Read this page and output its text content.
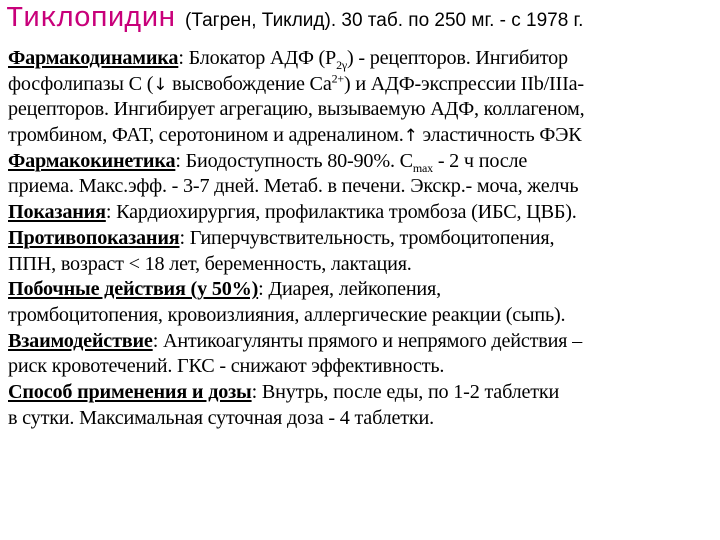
Тиклопидин (Тагрен, Тиклид). 30 таб. по 250 мг. - с 1978 г.
Фармакодинамика: Блокатор АДФ $(P_{2\gamma})$ - рецепторов. Ингибитор
фосфолипазы С (↓ высвобождение $Са^{2+}$) и АДФ-экспрессии IIb/IIIa-
рецепторов. Ингибирует агрегацию, вызываемую АДФ, коллагеном,
тромбином, ФАТ, серотонином и адреналином.↑ эластичность ФЭК
Фармакокинетика: Биодоступность 80-90%. $C_{max} - 2$ ч после
приема. Макс.эфф. - 3-7 дней. Метаб. в печени. Экскр.- моча, желчь
Показания: Кардиохирургия, профилактика тромбоза (ИБС, ЦВБ).
Противопоказания: Гиперчувствительность, тромбоцитопения,
ППН, возраст < 18 лет, беременность, лактация.
Побочные действия (у 50%): Диарея, лейкопения,
тромбоцитопения, кровоизлияния, аллергические реакции (сыпь).
Взаимодействие: Антикоагулянты прямого и непрямого действия –
риск кровотечений. ГКС - снижают эффективность.
Способ применения и дозы: Внутрь, после еды, по 1-2 таблетки
в сутки. Максимальная суточная доза - 4 таблетки.
